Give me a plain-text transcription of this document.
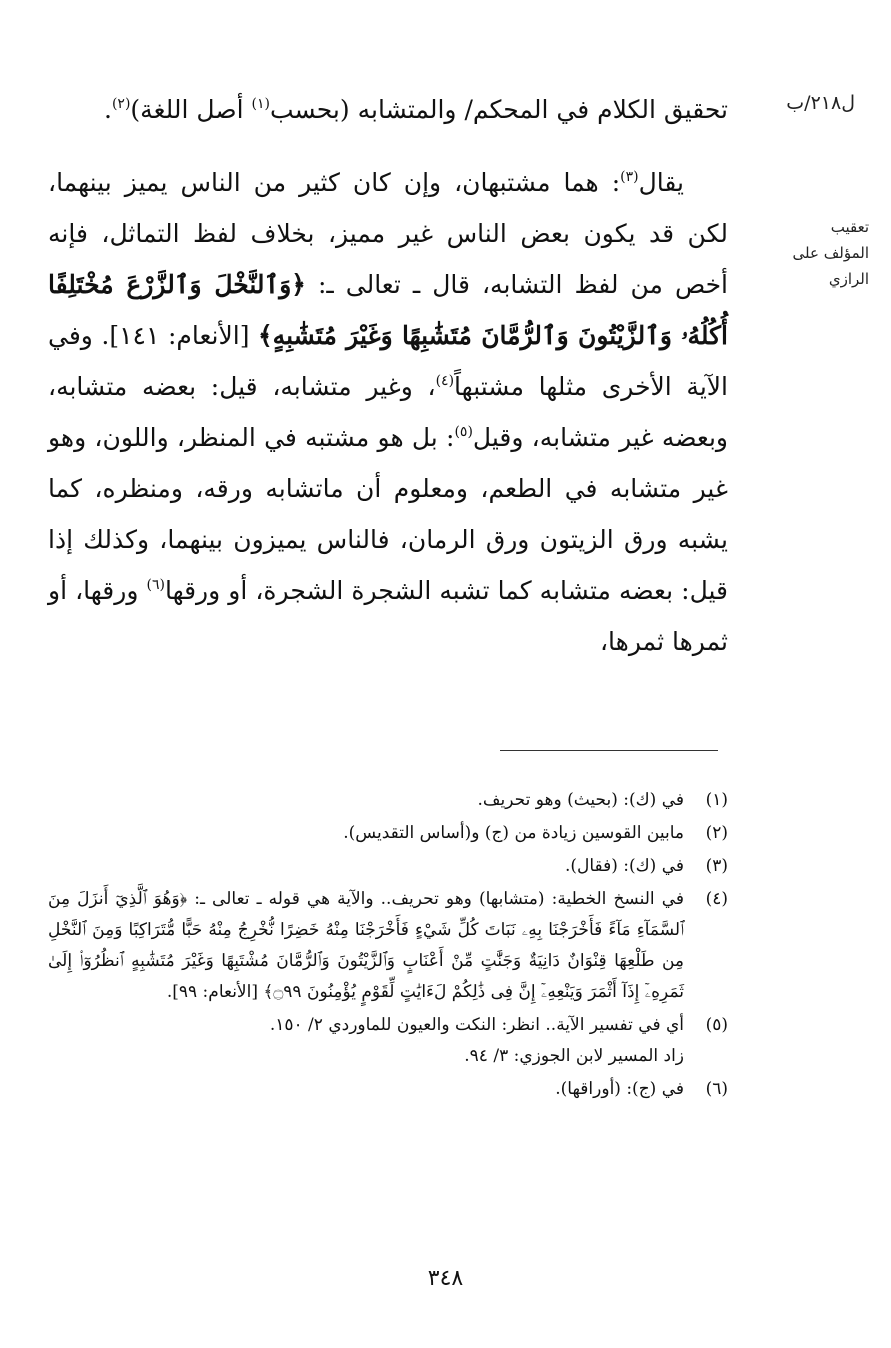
ل٢١٨/ب
تعقيب
المؤلف على
الرازي

تحقيق الكلام في المحكم/ والمتشابه (بحسب$^{(١)}$ أصل اللغة)$^{(٢)}$.

يقال$^{(٣)}$: هما مشتبهان، وإن كان كثير من الناس يميز بينهما، لكن قد يكون بعض الناس غير مميز، بخلاف لفظ التماثل، فإنه أخص من لفظ التشابه، قال ـ تعالى ـ: ﴿وَٱلنَّخْلَ وَٱلزَّرْعَ مُخْتَلِفًا أُكُلُهُۥ وَٱلزَّيْتُونَ وَٱلرُّمَّانَ مُتَشَٰبِهًا وَغَيْرَ مُتَشَٰبِهٍ﴾ [الأنعام: ١٤١]. وفي الآية الأخرى مثلها مشتبهاً$^{(٤)}$، وغير متشابه، قيل: بعضه متشابه، وبعضه غير متشابه، وقيل$^{(٥)}$: بل هو مشتبه في المنظر، واللون، وهو غير متشابه في الطعم، ومعلوم أن ماتشابه ورقه، ومنظره، كما يشبه ورق الزيتون ورق الرمان، فالناس يميزون بينهما، وكذلك إذا قيل: بعضه متشابه كما تشبه الشجرة الشجرة، أو ورقها$^{(٦)}$ ورقها، أو ثمرها ثمرها،

(١)
في (ك): (بحيث) وهو تحريف.
(٢)
مابين القوسين زيادة من (ج) و(أساس التقديس).
(٣)
في (ك): (فقال).
(٤)
في النسخ الخطية: (متشابها) وهو تحريف.. والآية هي قوله ـ تعالى ـ: ﴿وَهُوَ ٱلَّذِيٓ أَنزَلَ مِنَ ٱلسَّمَآءِ مَآءً فَأَخْرَجْنَا بِهِۦ نَبَاتَ كُلِّ شَيْءٍ فَأَخْرَجْنَا مِنْهُ خَضِرًا نُّخْرِجُ مِنْهُ حَبًّا مُّتَرَاكِبًا وَمِنَ ٱلنَّخْلِ مِن طَلْعِهَا قِنْوَانٌ دَانِيَةٌ وَجَنَّٰتٍ مِّنْ أَعْنَابٍ وَٱلزَّيْتُونَ وَٱلرُّمَّانَ مُشْتَبِهًا وَغَيْرَ مُتَشَٰبِهٍ ٱنظُرُوٓا۟ إِلَىٰ ثَمَرِهِۦٓ إِذَآ أَثْمَرَ وَيَنْعِهِۦٓ إِنَّ فِى ذَٰلِكُمْ لَءَايَٰتٍ لِّقَوْمٍ يُؤْمِنُونَ ۝٩٩﴾ [الأنعام: ٩٩].
(٥)
أي في تفسير الآية.. انظر: النكت والعيون للماوردي ٢/ ١٥٠.
زاد المسير لابن الجوزي: ٣/ ٩٤.
(٦)
في (ج): (أوراقها).
٣٤٨
